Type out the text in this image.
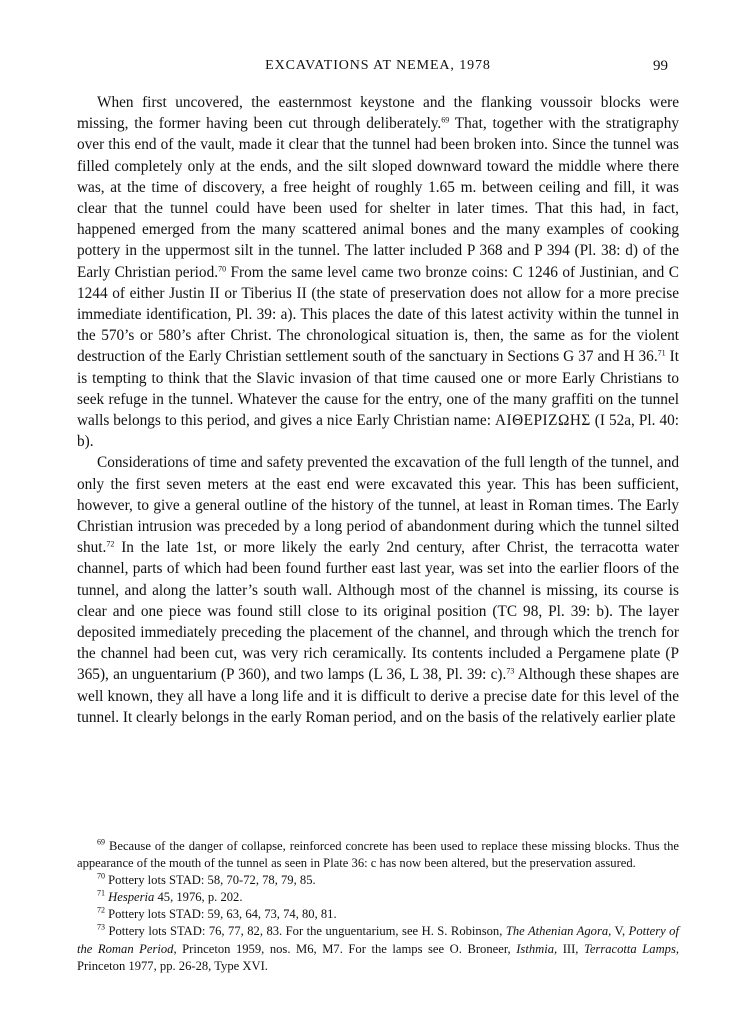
EXCAVATIONS AT NEMEA, 1978	99

When first uncovered, the easternmost keystone and the flanking voussoir blocks were missing, the former having been cut through deliberately.$^{69}$ That, together with the stratigraphy over this end of the vault, made it clear that the tunnel had been broken into. Since the tunnel was filled completely only at the ends, and the silt sloped downward toward the middle where there was, at the time of discovery, a free height of roughly 1.65 m. between ceiling and fill, it was clear that the tunnel could have been used for shelter in later times. That this had, in fact, happened emerged from the many scattered animal bones and the many examples of cooking pottery in the uppermost silt in the tunnel. The latter included P 368 and P 394 (Pl. 38: d) of the Early Christian period.$^{70}$ From the same level came two bronze coins: C 1246 of Justinian, and C 1244 of either Justin II or Tiberius II (the state of preservation does not allow for a more precise immediate identification, Pl. 39: a). This places the date of this latest activity within the tunnel in the 570’s or 580’s after Christ. The chronological situation is, then, the same as for the violent destruction of the Early Christian settlement south of the sanctuary in Sections G 37 and H 36.71 It is tempting to think that the Slavic invasion of that time caused one or more Early Christians to seek refuge in the tunnel. Whatever the cause for the entry, one of the many graffiti on the tunnel walls belongs to this period, and gives a nice Early Christian name: ΑΙΘΕΡΙΖΩΗΣ (I 52a, Pl. 40: b).

Considerations of time and safety prevented the excavation of the full length of the tunnel, and only the first seven meters at the east end were excavated this year. This has been sufficient, however, to give a general outline of the history of the tunnel, at least in Roman times. The Early Christian intrusion was preceded by a long period of abandonment during which the tunnel silted shut.$^{72}$ In the late 1st, or more likely the early 2nd century, after Christ, the terracotta water channel, parts of which had been found further east last year, was set into the earlier floors of the tunnel, and along the latter’s south wall. Although most of the channel is missing, its course is clear and one piece was found still close to its original position (TC 98, Pl. 39: b). The layer deposited immediately preceding the placement of the channel, and through which the trench for the channel had been cut, was very rich ceramically. Its contents included a Pergamene plate (P 365), an unguentarium (P 360), and two lamps (L 36, L 38, Pl. 39: c).$^{73}$ Although these shapes are well known, they all have a long life and it is difficult to derive a precise date for this level of the tunnel. It clearly belongs in the early Roman period, and on the basis of the relatively earlier plate

$^{69}$ Because of the danger of collapse, reinforced concrete has been used to replace these missing blocks. Thus the appearance of the mouth of the tunnel as seen in Plate 36: c has now been altered, but the preservation assured.

$^{70}$ Pottery lots STAD: 58, 70-72, 78, 79, 85.

$^{71}$ Hesperia 45, 1976, p. 202.

$^{72}$ Pottery lots STAD: 59, 63, 64, 73, 74, 80, 81.

$^{73}$ Pottery lots STAD: 76, 77, 82, 83. For the unguentarium, see H. S. Robinson, The Athenian Agora, V, Pottery of the Roman Period, Princeton 1959, nos. M6, M7. For the lamps see O. Broneer, Isthmia, III, Terracotta Lamps, Princeton 1977, pp. 26-28, Type XVI.
